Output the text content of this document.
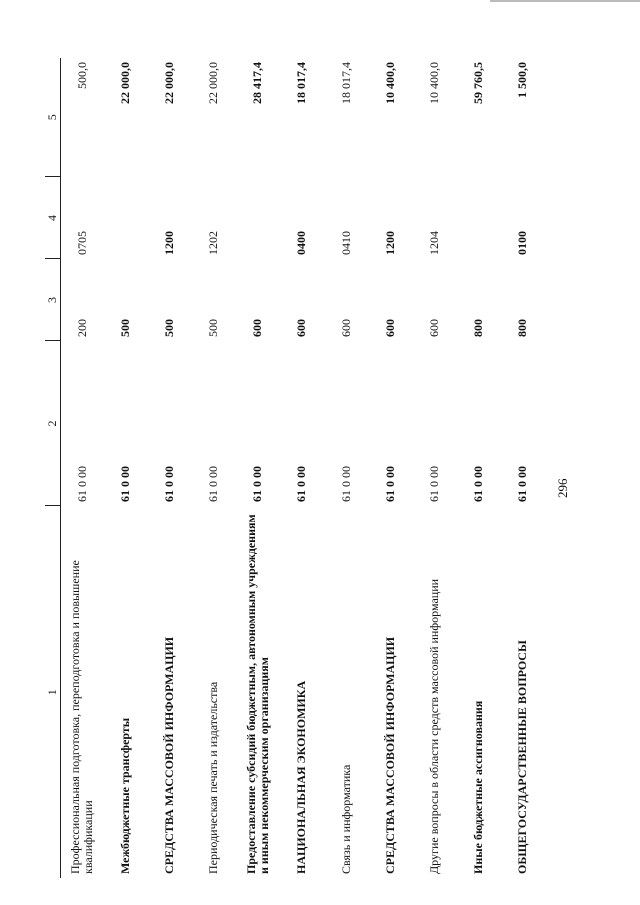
1	2	3	4	5
Профессиональная подготовка, переподготовка и повышение квалификации	61 0 00	200	0705	500,0
Межбюджетные трансферты	61 0 00	500		22 000,0
СРЕДСТВА МАССОВОЙ ИНФОРМАЦИИ	61 0 00	500	1200	22 000,0
Периодическая печать и издательства	61 0 00	500	1202	22 000,0
Предоставление субсидий бюджетным, автономным учреждениям и иным некоммерческим организациям	61 0 00	600		28 417,4
НАЦИОНАЛЬНАЯ ЭКОНОМИКА	61 0 00	600	0400	18 017,4
Связь и информатика	61 0 00	600	0410	18 017,4
СРЕДСТВА МАССОВОЙ ИНФОРМАЦИИ	61 0 00	600	1200	10 400,0
Другие вопросы в области средств массовой информации	61 0 00	600	1204	10 400,0
Иные бюджетные ассигнования	61 0 00	800		59 760,5
ОБЩЕГОСУДАРСТВЕННЫЕ ВОПРОСЫ	61 0 00	800	0100	1 500,0
296
